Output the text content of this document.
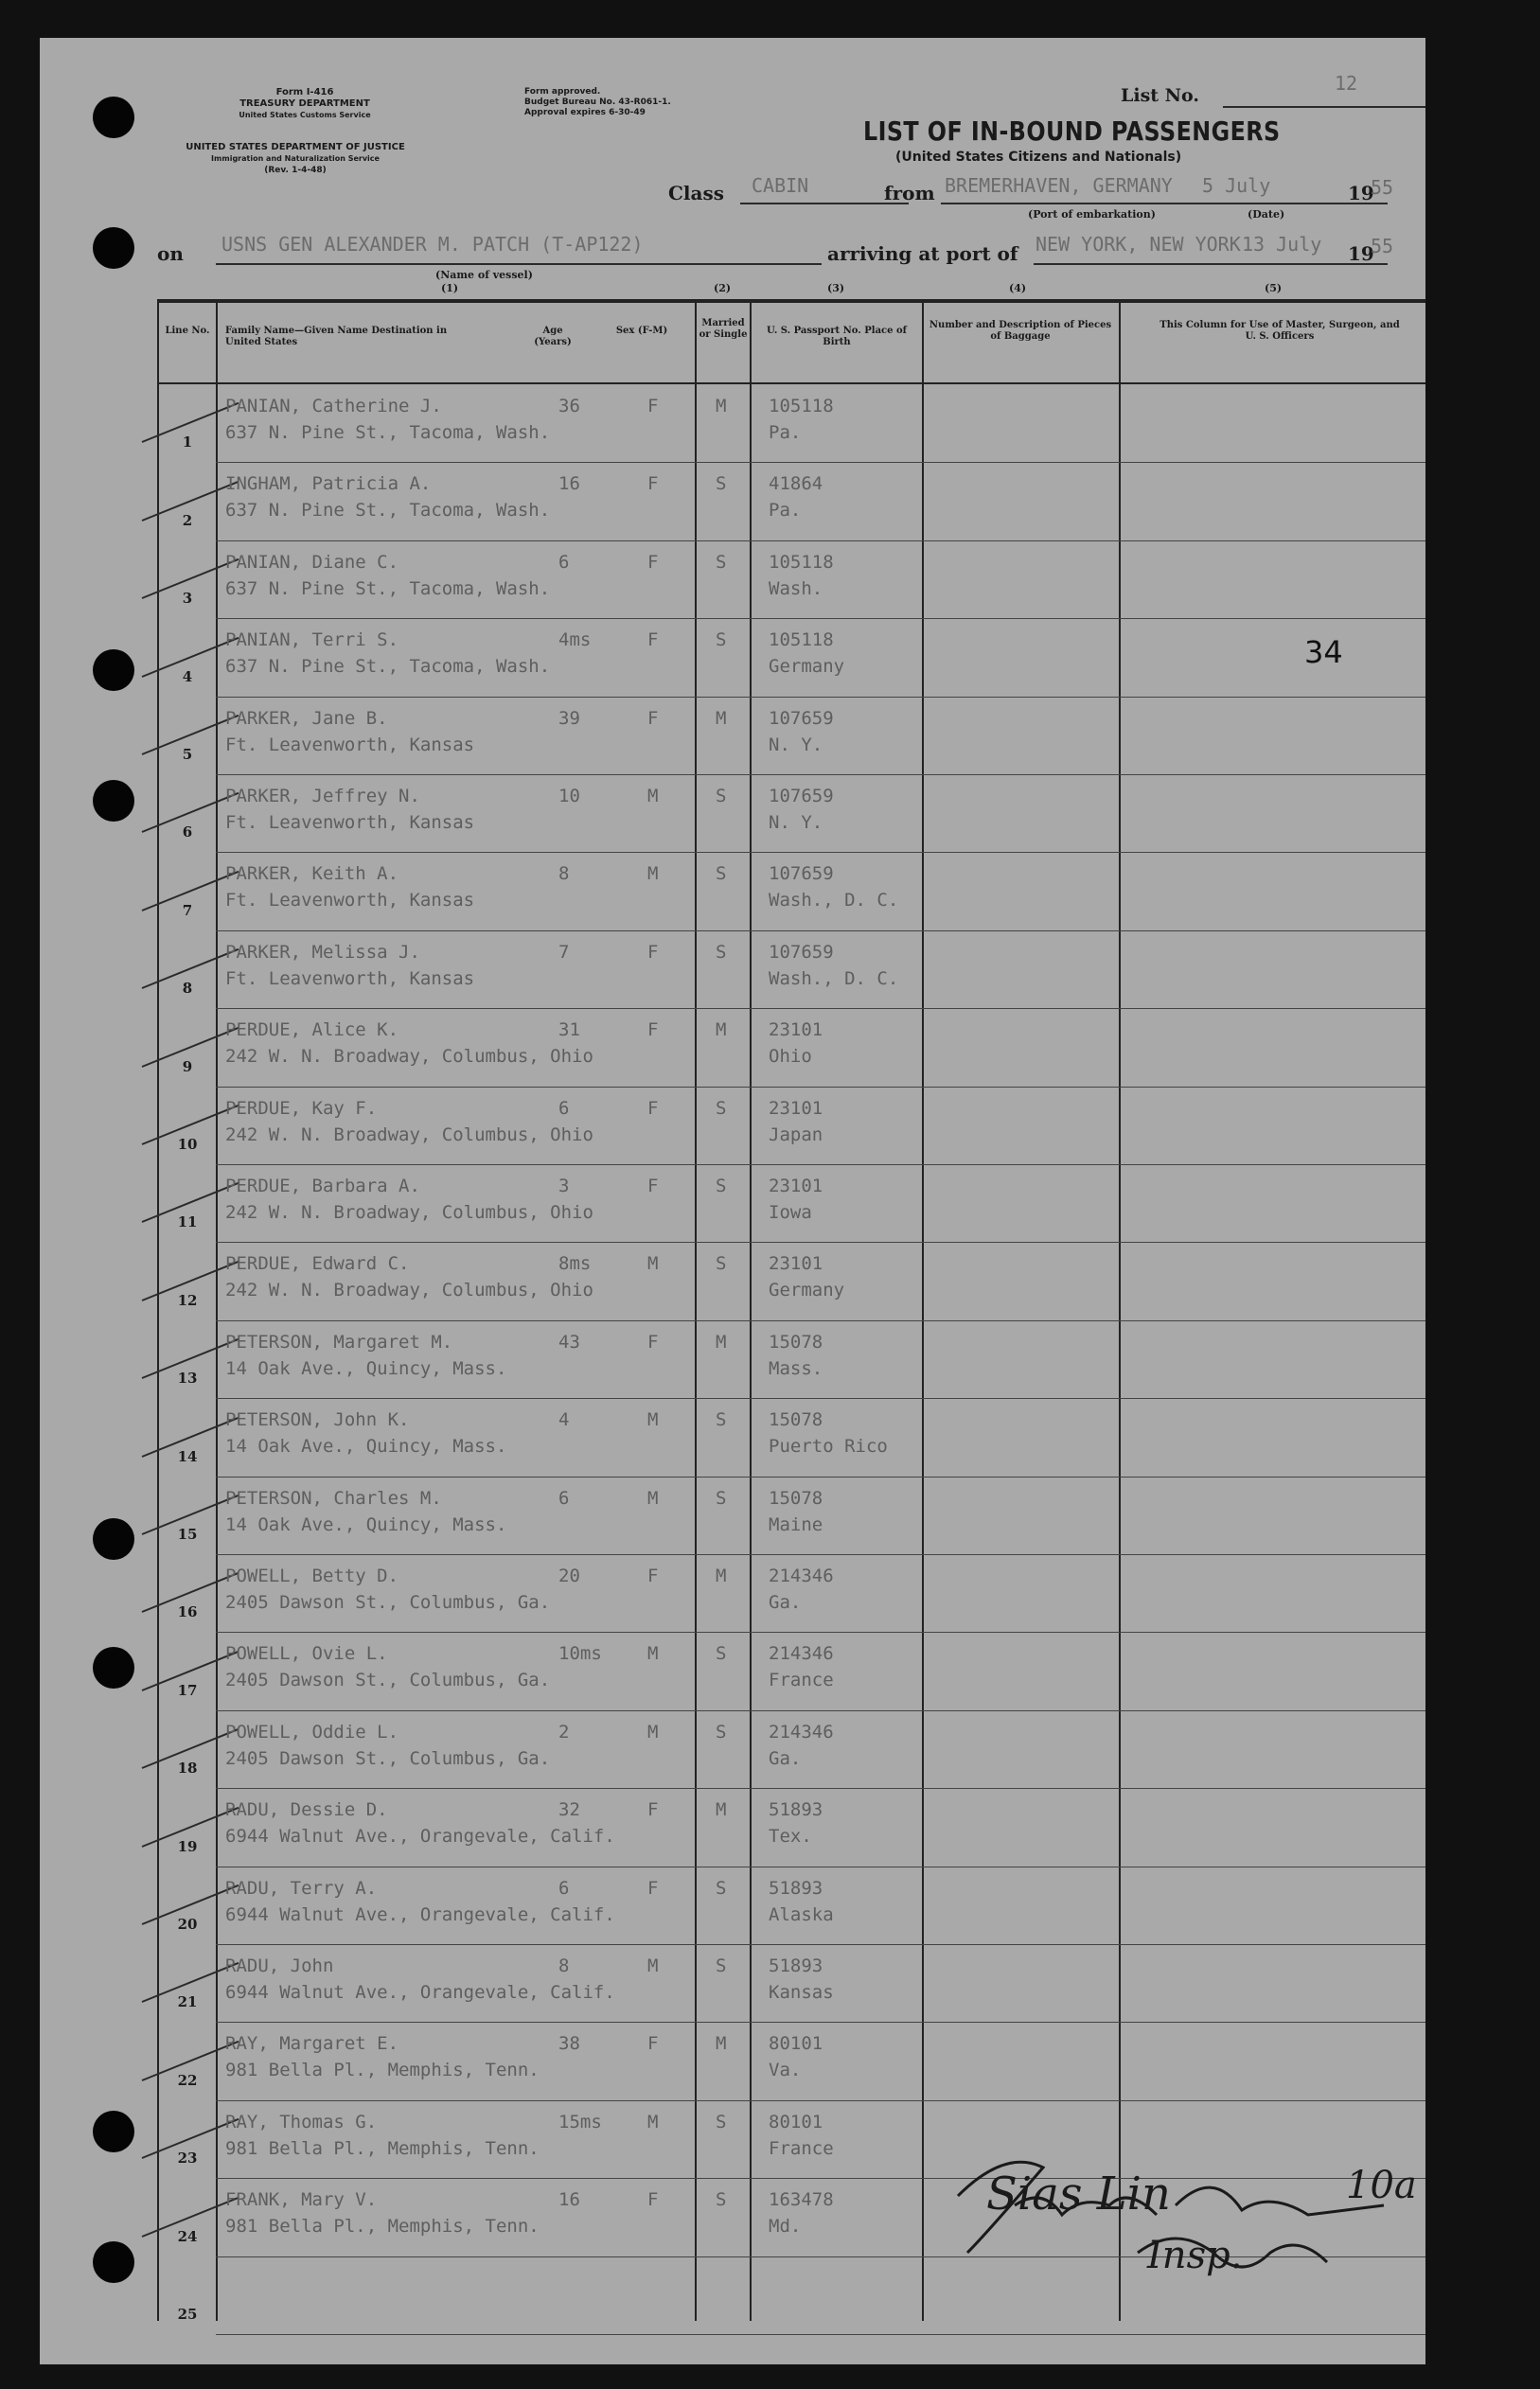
Form I-416
TREASURY DEPARTMENT
United States Customs Service
UNITED STATES DEPARTMENT OF JUSTICE
Immigration and Naturalization Service
(Rev. 1-4-48)
Form approved.
Budget Bureau No. 43-R061-1.
Approval expires 6-30-49
List No.
12
LIST OF IN-BOUND PASSENGERS
(United States Citizens and Nationals)
Class CABIN	from BREMERHAVEN, GERMANY 5 July	19
55
(Port of embarkation)	(Date)
on USNS GEN ALEXANDER M. PATCH (T-AP122)
(Name of vessel)
arriving at port of NEW YORK, NEW YORK 13 July 19
55
(1)	(2)	(3)	(4)	(5)
Line No.	Family Name—Given Name Destination in United States
Age (Years)
Sex (F-M)
Married or Single	U. S. Passport No. Place of Birth
Number and Description of Pieces of Baggage
This Column for Use of Master, Surgeon, and U. S. Officers
1
PANIAN, Catherine J.
637 N. Pine St., Tacoma, Wash.
36	F	M 105118
Pa.
2
INGHAM, Patricia A.
637 N. Pine St., Tacoma, Wash.
16	F	S 41864
Pa.
3
PANIAN, Diane C.
637 N. Pine St., Tacoma, Wash.
6	F	S 105118
Wash.
4
PANIAN, Terri S.
637 N. Pine St., Tacoma, Wash.
4ms	F	S 105118
Germany
5
PARKER, Jane B.
Ft. Leavenworth, Kansas
39	F	M 107659
N. Y.
6
PARKER, Jeffrey N.
Ft. Leavenworth, Kansas
10	M	S 107659
N. Y.
7
PARKER, Keith A.
Ft. Leavenworth, Kansas
8	M	S 107659
Wash., D. C.
8
PARKER, Melissa J.
Ft. Leavenworth, Kansas
7	F	S 107659
Wash., D. C.
9
PERDUE, Alice K.
242 W. N. Broadway, Columbus, Ohio
31	F	M 23101
Ohio
10
PERDUE, Kay F.
242 W. N. Broadway, Columbus, Ohio
6	F	S 23101
Japan
11
PERDUE, Barbara A.
242 W. N. Broadway, Columbus, Ohio
3	F	S 23101
Iowa
12
PERDUE, Edward C.
242 W. N. Broadway, Columbus, Ohio
8ms	M	S 23101
Germany
13
PETERSON, Margaret M.
14 Oak Ave., Quincy, Mass.
43	F	M 15078
Mass.
14
PETERSON, John K.
14 Oak Ave., Quincy, Mass.
4	M	S 15078
Puerto Rico
15
PETERSON, Charles M.
14 Oak Ave., Quincy, Mass.
6	M	S 15078
Maine
16
POWELL, Betty D.
2405 Dawson St., Columbus, Ga.
20	F	M 214346
Ga.
17
POWELL, Ovie L.
2405 Dawson St., Columbus, Ga.
10ms	M	S 214346
France
18
POWELL, Oddie L.
2405 Dawson St., Columbus, Ga.
2	M	S 214346
Ga.
19
RADU, Dessie D.
6944 Walnut Ave., Orangevale, Calif.
32	F	M 51893
Tex.
20
RADU, Terry A.
6944 Walnut Ave., Orangevale, Calif.
6	F	S 51893
Alaska
21
RADU, John
6944 Walnut Ave., Orangevale, Calif.
8	M	S 51893
Kansas
22
RAY, Margaret E.
981 Bella Pl., Memphis, Tenn.
38	F	M 80101
Va.
23
RAY, Thomas G.
981 Bella Pl., Memphis, Tenn.
15ms	M	S 80101
France
24
FRANK, Mary V.
981 Bella Pl., Memphis, Tenn.
16	F	S 163478
Md.
25
34
Sias Lin
Insp.
10a
